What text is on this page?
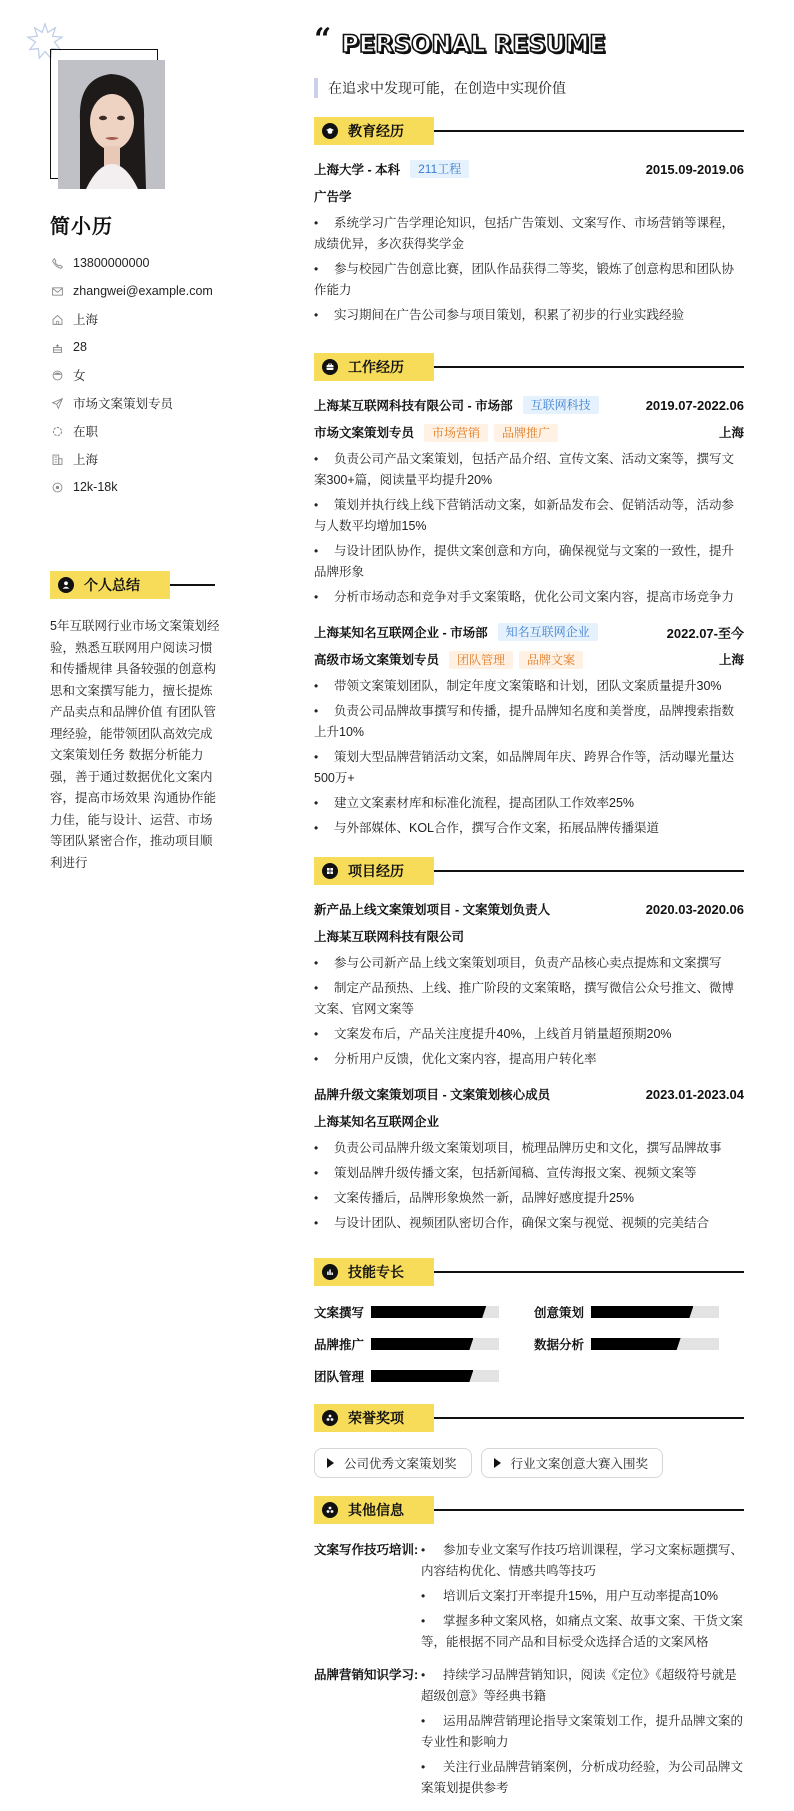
简小历
13800000000
zhangwei@example.com
上海
28
女
市场文案策划专员
在职
上海
12k-18k
个人总结
5年互联网行业市场文案策划经验，熟悉互联网用户阅读习惯和传播规律 具备较强的创意构思和文案撰写能力，擅长提炼产品卖点和品牌价值 有团队管理经验，能带领团队高效完成文案策划任务 数据分析能力强，善于通过数据优化文案内容，提高市场效果 沟通协作能力佳，能与设计、运营、市场等团队紧密合作，推动项目顺利进行
“ PERSONAL RESUME
在追求中发现可能，在创造中实现价值
教育经历
上海大学 - 本科	211工程	2015.09-2019.06
广告学
• 系统学习广告学理论知识，包括广告策划、文案写作、市场营销等课程，成绩优异，多次获得奖学金
• 参与校园广告创意比赛，团队作品获得二等奖，锻炼了创意构思和团队协作能力
• 实习期间在广告公司参与项目策划，积累了初步的行业实践经验
工作经历
上海某互联网科技有限公司 - 市场部	互联网科技	2019.07-2022.06
市场文案策划专员	市场营销	品牌推广	上海
• 负责公司产品文案策划，包括产品介绍、宣传文案、活动文案等，撰写文案300+篇，阅读量平均提升20%
• 策划并执行线上线下营销活动文案，如新品发布会、促销活动等，活动参与人数平均增加15%
• 与设计团队协作，提供文案创意和方向，确保视觉与文案的一致性，提升品牌形象
• 分析市场动态和竞争对手文案策略，优化公司文案内容，提高市场竞争力
上海某知名互联网企业 - 市场部	知名互联网企业	2022.07-至今
高级市场文案策划专员	团队管理	品牌文案	上海
• 带领文案策划团队，制定年度文案策略和计划，团队文案质量提升30%
• 负责公司品牌故事撰写和传播，提升品牌知名度和美誉度，品牌搜索指数上升10%
• 策划大型品牌营销活动文案，如品牌周年庆、跨界合作等，活动曝光量达500万+
• 建立文案素材库和标准化流程，提高团队工作效率25%
• 与外部媒体、KOL合作，撰写合作文案，拓展品牌传播渠道
项目经历
新产品上线文案策划项目 - 文案策划负责人	2020.03-2020.06
上海某互联网科技有限公司
• 参与公司新产品上线文案策划项目，负责产品核心卖点提炼和文案撰写
• 制定产品预热、上线、推广阶段的文案策略，撰写微信公众号推文、微博文案、官网文案等
• 文案发布后，产品关注度提升40%，上线首月销量超预期20%
• 分析用户反馈，优化文案内容，提高用户转化率
品牌升级文案策划项目 - 文案策划核心成员	2023.01-2023.04
上海某知名互联网企业
• 负责公司品牌升级文案策划项目，梳理品牌历史和文化，撰写品牌故事
• 策划品牌升级传播文案，包括新闻稿、宣传海报文案、视频文案等
• 文案传播后，品牌形象焕然一新，品牌好感度提升25%
• 与设计团队、视频团队密切合作，确保文案与视觉、视频的完美结合
技能专长
文案撰写	创意策划
品牌推广	数据分析
团队管理
荣誉奖项
公司优秀文案策划奖	行业文案创意大赛入围奖
其他信息
文案写作技巧培训:	• 参加专业文案写作技巧培训课程，学习文案标题撰写、内容结构优化、情感共鸣等技巧
• 培训后文案打开率提升15%，用户互动率提高10%
• 掌握多种文案风格，如痛点文案、故事文案、干货文案等，能根据不同产品和目标受众选择合适的文案风格
品牌营销知识学习:	• 持续学习品牌营销知识，阅读《定位》《超级符号就是超级创意》等经典书籍
• 运用品牌营销理论指导文案策划工作，提升品牌文案的专业性和影响力
• 关注行业品牌营销案例，分析成功经验，为公司品牌文案策划提供参考
